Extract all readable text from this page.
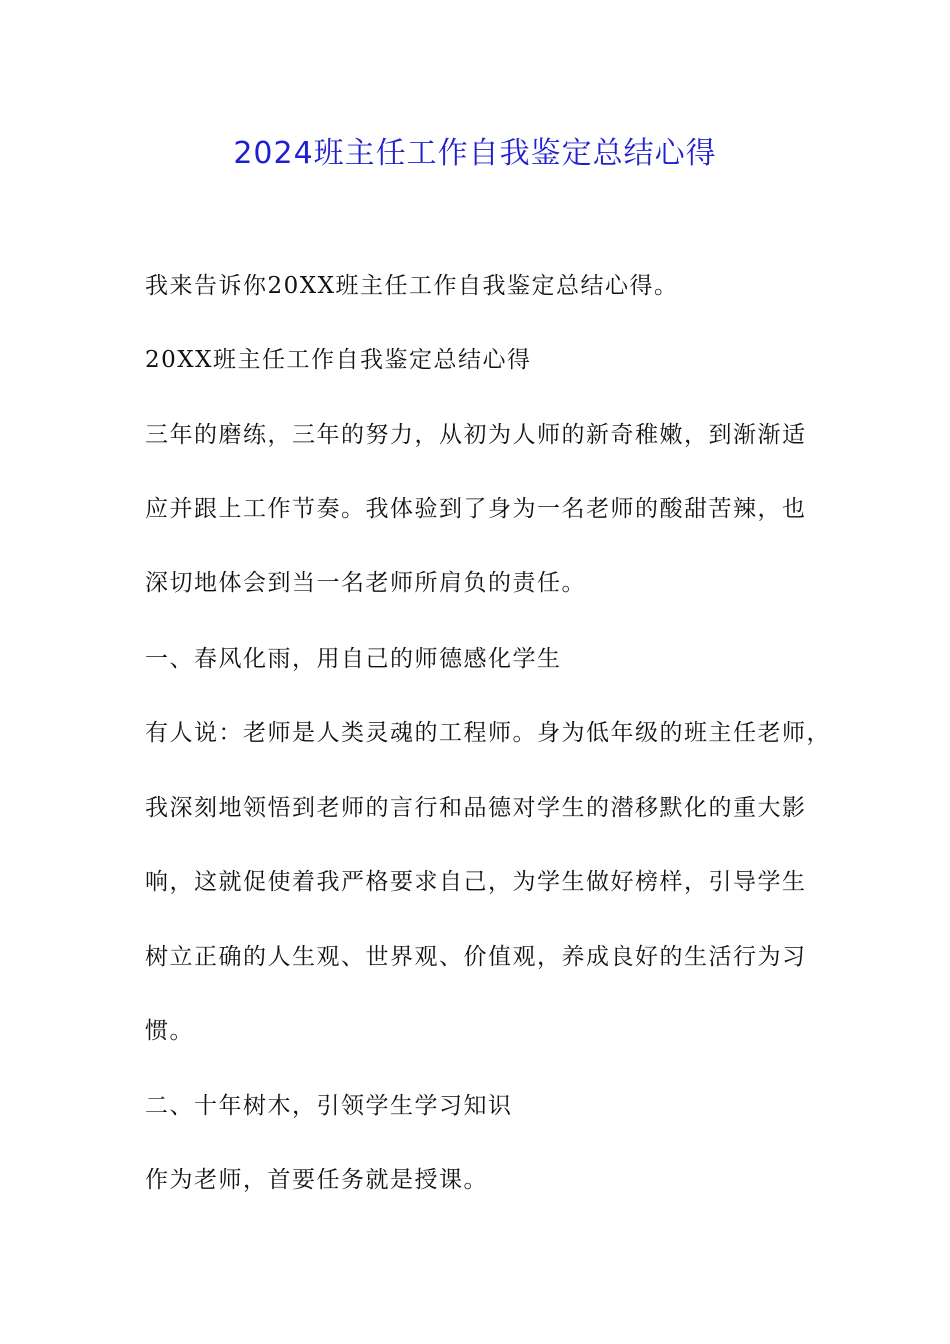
2024班主任工作自我鉴定总结心得
我来告诉你20XX班主任工作自我鉴定总结心得。
20XX班主任工作自我鉴定总结心得
三年的磨练，三年的努力，从初为人师的新奇稚嫩，到渐渐适
应并跟上工作节奏。我体验到了身为一名老师的酸甜苦辣，也
深切地体会到当一名老师所肩负的责任。
一、春风化雨，用自己的师德感化学生
有人说：老师是人类灵魂的工程师。身为低年级的班主任老师，
我深刻地领悟到老师的言行和品德对学生的潜移默化的重大影
响，这就促使着我严格要求自己，为学生做好榜样，引导学生
树立正确的人生观、世界观、价值观，养成良好的生活行为习
惯。
二、十年树木，引领学生学习知识
作为老师，首要任务就是授课。
